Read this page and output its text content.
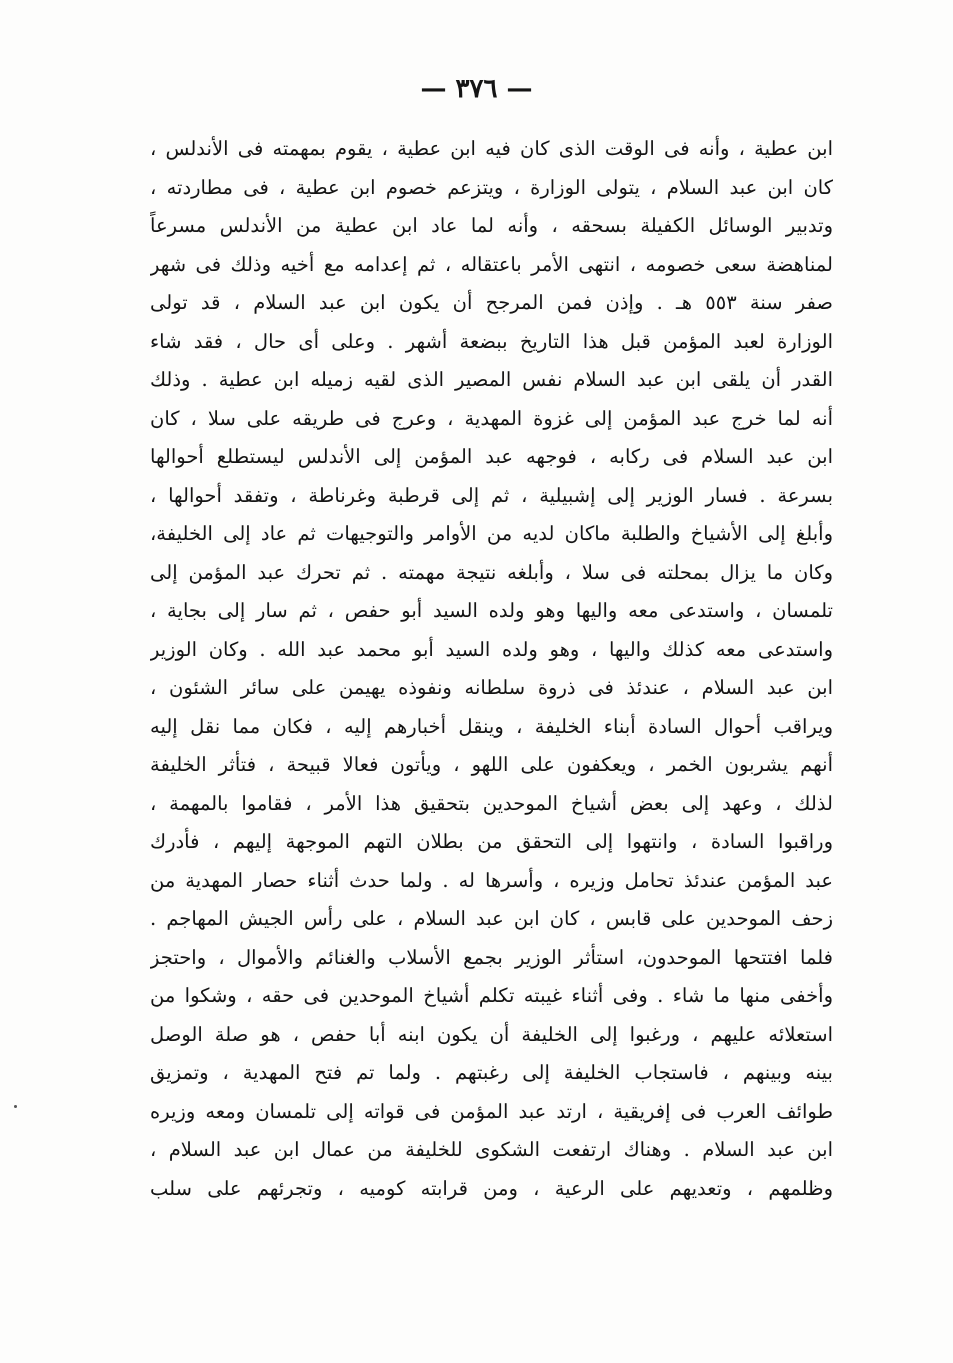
— ٣٧٦ —
ابن عطية ، وأنه فى الوقت الذى كان فيه ابن عطية ، يقوم بمهمته فى الأندلس ،
كان ابن عبد السلام ، يتولى الوزارة ، ويتزعم خصوم ابن عطية ، فى مطاردته ،
وتدبير الوسائل الكفيلة بسحقه ، وأنه لما عاد ابن عطية من الأندلس مسرعاً
لمناهضة سعى خصومه ، انتهى الأمر باعتقاله ، ثم إعدامه مع أخيه وذلك فى شهر
صفر سنة ٥٥٣ هـ . وإذن فمن المرجح أن يكون ابن عبد السلام ، قد تولى
الوزارة لعبد المؤمن قبل هذا التاريخ ببضعة أشهر . وعلى أى حال ، فقد شاء
القدر أن يلقى ابن عبد السلام نفس المصير الذى لقيه زميله ابن عطية . وذلك
أنه لما خرج عبد المؤمن إلى غزوة المهدية ، وعرج فى طريقه على سلا ، كان
ابن عبد السلام فى ركابه ، فوجهه عبد المؤمن إلى الأندلس ليستطلع أحوالها
بسرعة . فسار الوزير إلى إشبيلية ، ثم إلى قرطبة وغرناطة ، وتفقد أحوالها ،
وأبلغ إلى الأشياخ والطلبة ماكان لديه من الأوامر والتوجيهات ثم عاد إلى الخليفة،
وكان ما يزال بمحلته فى سلا ، وأبلغه نتيجة مهمته . ثم تحرك عبد المؤمن إلى
تلمسان ، واستدعى معه واليها وهو ولده السيد أبو حفص ، ثم سار إلى بجاية ،
واستدعى معه كذلك واليها ، وهو ولده السيد أبو محمد عبد الله . وكان الوزير
ابن عبد السلام ، عندئذ فى ذروة سلطانه ونفوذه يهيمن على سائر الشئون ،
ويراقب أحوال السادة أبناء الخليفة ، وينقل أخبارهم إليه ، فكان مما نقل إليه
أنهم يشربون الخمر ، ويعكفون على اللهو ، ويأتون فعالا قبيحة ، فتأثر الخليفة
لذلك ، وعهد إلى بعض أشياخ الموحدين بتحقيق هذا الأمر ، فقاموا بالمهمة ،
وراقبوا السادة ، وانتهوا إلى التحقق من بطلان التهم الموجهة إليهم ، فأدرك
عبد المؤمن عندئذ تحامل وزيره ، وأسرها له . ولما حدث أثناء حصار المهدية من
زحف الموحدين على قابس ، كان ابن عبد السلام ، على رأس الجيش المهاجم .
فلما افتتحها الموحدون، استأثر الوزير بجمع الأسلاب والغنائم والأموال ، واحتجز
وأخفى منها ما شاء . وفى أثناء غيبته تكلم أشياخ الموحدين فى حقه ، وشكوا من
استعلائه عليهم ، ورغبوا إلى الخليفة أن يكون ابنه أبا حفص ، هو صلة الوصل
بينه وبينهم ، فاستجاب الخليفة إلى رغبتهم . ولما تم فتح المهدية ، وتمزيق
طوائف العرب فى إفريقية ، ارتد عبد المؤمن فى قواته إلى تلمسان ومعه وزيره
ابن عبد السلام . وهناك ارتفعت الشكوى للخليفة من عمال ابن عبد السلام ،
وظلمهم ، وتعديهم على الرعية ، ومن قرابته كوميه ، وتجرئهم على سلب
